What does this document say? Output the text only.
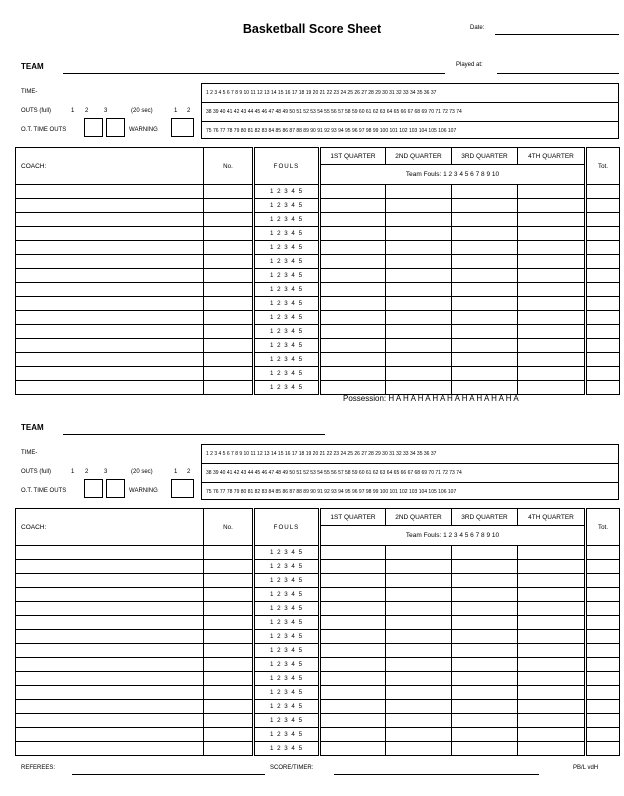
Basketball Score Sheet	Date:
TEAM	Played at:
TIME-
OUTS (full)	1 2	3	(20 sec)	1 2
O.T. TIME OUTS	WARNING
1 2 3 4 5 6 7 8 9 10 11 12 13 14 15 16 17 18 19 20 21 22 23 24 25 26 27 28 29 30 31 32 33 34 35 36 37
38 39 40 41 42 43 44 45 46 47 48 49 50 51 52 53 54 55 56 57 58 59 60 61 62 63 64 65 66 67 68 69 70 71 72 73 74
75 76 77 78 79 80 81 82 83 84 85 86 87 88 89 90 91 92 93 94 95 96 97 98 99 100 101 102 103 104 105 106 107
COACH:	No.	FOULS	1ST QUARTER	2ND QUARTER	3RD QUARTER	4TH QUARTER	Tot.
			Team Fouls: 1 2 3 4 5 6 7 8 9 10				
		1 2 3 4 5					
		1 2 3 4 5					
		1 2 3 4 5					
		1 2 3 4 5					
		1 2 3 4 5					
		1 2 3 4 5					
		1 2 3 4 5					
		1 2 3 4 5					
		1 2 3 4 5					
		1 2 3 4 5					
		1 2 3 4 5					
		1 2 3 4 5					
		1 2 3 4 5					
		1 2 3 4 5					
		1 2 3 4 5					
Possession: H A H A H A H A H A H A H A H A H A
TEAM
TIME-
OUTS (full)	1 2	3	(20 sec)	1 2
O.T. TIME OUTS	WARNING
1 2 3 4 5 6 7 8 9 10 11 12 13 14 15 16 17 18 19 20 21 22 23 24 25 26 27 28 29 30 31 32 33 34 35 36 37
38 39 40 41 42 43 44 45 46 47 48 49 50 51 52 53 54 55 56 57 58 59 60 61 62 63 64 65 66 67 68 69 70 71 72 73 74
75 76 77 78 79 80 81 82 83 84 85 86 87 88 89 90 91 92 93 94 95 96 97 98 99 100 101 102 103 104 105 106 107
COACH:	No.	FOULS	1ST QUARTER	2ND QUARTER	3RD QUARTER	4TH QUARTER	Tot.
			Team Fouls: 1 2 3 4 5 6 7 8 9 10				
		1 2 3 4 5					
		1 2 3 4 5					
		1 2 3 4 5					
		1 2 3 4 5					
		1 2 3 4 5					
		1 2 3 4 5					
		1 2 3 4 5					
		1 2 3 4 5					
		1 2 3 4 5					
		1 2 3 4 5					
		1 2 3 4 5					
		1 2 3 4 5					
		1 2 3 4 5					
		1 2 3 4 5					
		1 2 3 4 5					
REFEREES:	SCORE/TIMER:	PB/L vdH
